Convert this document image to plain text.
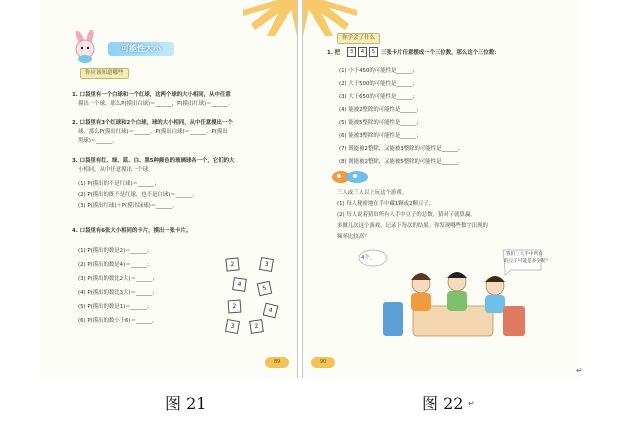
可能性大小
你应该知道哪些
1. 口袋里有一个白球和一个红球，这两个球的大小相同，从中任意
摸出一个球，那么P(摸出白球)＝______，P(摸出红球)＝______。
2. 口袋里有3个红球和2个白球，球的大小相同，从中任意摸出一个
球，那么P(摸出红球)＝______，P(摸出白球)＝______，P(摸出
黑球)＝______。
3. 口袋里有红、绿、蓝、白、黑5种颜色的玻璃球各一个，它们的大
小相同，从中任意摸出一个球。
(1) P(摸出的不是红球)＝______；
(2) P(摸出的既不是红球，也不是白球)＝______；
(3) P(摸出红球)＋P(摸出绿球)＝______。
4. 口袋里有6张大小相同的卡片，摸出一张卡片。
(1) P(摸出的数是2)＝______；
(2) P(摸出的数是4)＝______；
(3) P(摸出的数比2大)＝______；
(4) P(摸出的数比3大)＝______；
(5) P(摸出的数是1)＝______；
(6) P(摸出的数小于6)＝______。
2	3
4
5
2
4
3	2
89
你学会了什么
1. 把	3	4	5	三张卡片任意摆成一个三位数，那么这个三位数：
(1) 小于450的可能性是______；
(2) 大于500的可能性是______；
(3) 大于650的可能性是______；
(4) 能被2整除的可能性是______；
(5) 能被5整除的可能性是______；
(6) 能被3整除的可能性是______；
(7) 既能被2整除，又能被3整除的可能性是______；
(8) 既能被2整除，又能被5整除的可能性是______。
三人或三人以上玩这个游戏。
(1) 每人秘密地在手中藏1颗或2颗豆子。
(2) 每人说着猜出所有人手中豆子的总数，猜对了就算赢。
多做几次这个游戏，记录下每次的结果。你发现哪些数字出现的
频率比较高？
4个。
我们三人手中所有
的豆子可能是多少呢？
90
↵
图 21	图 22 ↵
